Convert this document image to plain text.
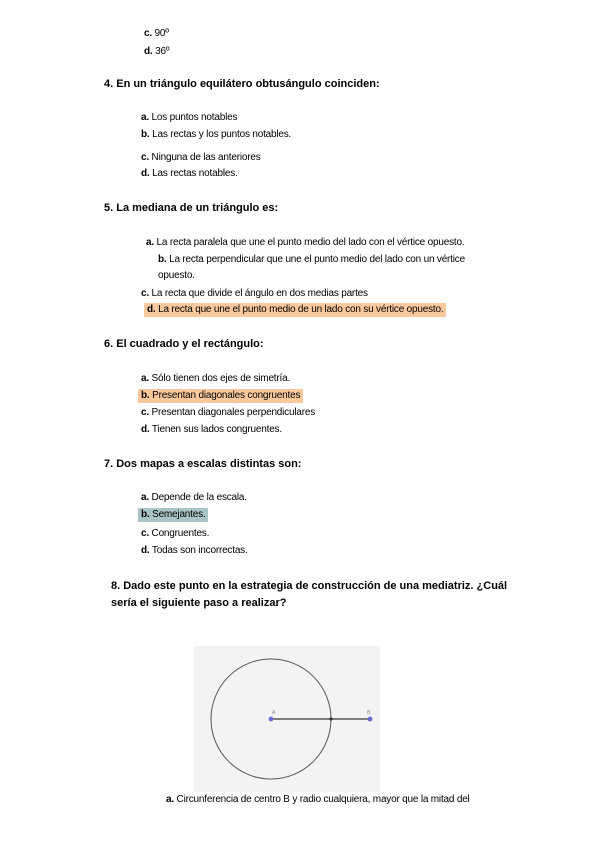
c. 90º
d. 36º
4. En un triángulo equilátero obtusángulo coinciden:
a. Los puntos notables
b. Las rectas y los puntos notables.
c. Ninguna de las anteriores
d. Las rectas notables.
5. La mediana de un triángulo es:
a. La recta paralela que une el punto medio del lado con el vértice opuesto.
b. La recta perpendicular que une el punto medio del lado con un vértice
opuesto.
c. La recta que divide el ángulo en dos medias partes
d. La recta que une el punto medio de un lado con su vértice opuesto.
6. El cuadrado y el rectángulo:
a. Sólo tienen dos ejes de simetría.
b. Presentan diagonales congruentes
c. Presentan diagonales perpendiculares
d. Tienen sus lados congruentes.
7. Dos mapas a escalas distintas son:
a. Depende de la escala.
b. Semejantes.
c. Congruentes.
d. Todas son incorrectas.
8. Dado este punto en la estrategia de construcción de una mediatriz. ¿Cuál sería el siguiente paso a realizar?
A	B
a. Circunferencia de centro B y radio cualquiera, mayor que la mitad del
